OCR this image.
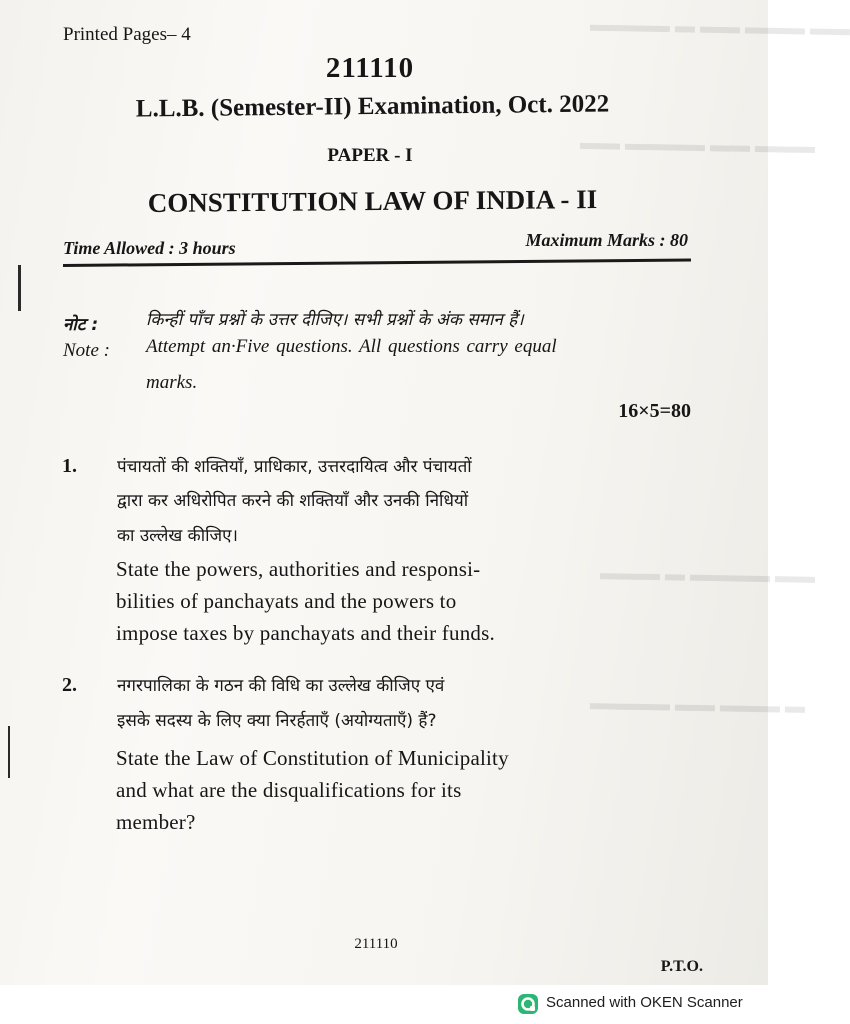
▬▬ ▬▬▬ ▬▬ ▬ ▬▬▬▬
▬▬▬ ▬▬ ▬▬▬▬ ▬▬
▬▬ ▬▬▬▬ ▬ ▬▬▬
▬ ▬▬▬ ▬▬ ▬▬▬▬
Printed Pages– 4
211110
L.L.B. (Semester-II) Examination, Oct. 2022
PAPER - I
CONSTITUTION LAW OF INDIA - II
Time Allowed : 3 hours	Maximum Marks : 80
नोट :	किन्हीं पाँच प्रश्नों के उत्तर दीजिए। सभी प्रश्नों के अंक समान हैं।
Note : Attempt an·Five questions. All questions carry equal
marks.
16×5=80
1. पंचायतों की शक्तियाँ, प्राधिकार, उत्तरदायित्व और पंचायतों
द्वारा कर अधिरोपित करने की शक्तियाँ और उनकी निधियों
का उल्लेख कीजिए।
State the powers, authorities and responsi-
bilities of panchayats and the powers to
impose taxes by panchayats and their funds.
2. नगरपालिका के गठन की विधि का उल्लेख कीजिए एवं
इसके सदस्य के लिए क्या निरर्हताएँ (अयोग्यताएँ) हैं?
State the Law of Constitution of Municipality
and what are the disqualifications for its
member?
211110
P.T.O.
Scanned with OKEN Scanner
